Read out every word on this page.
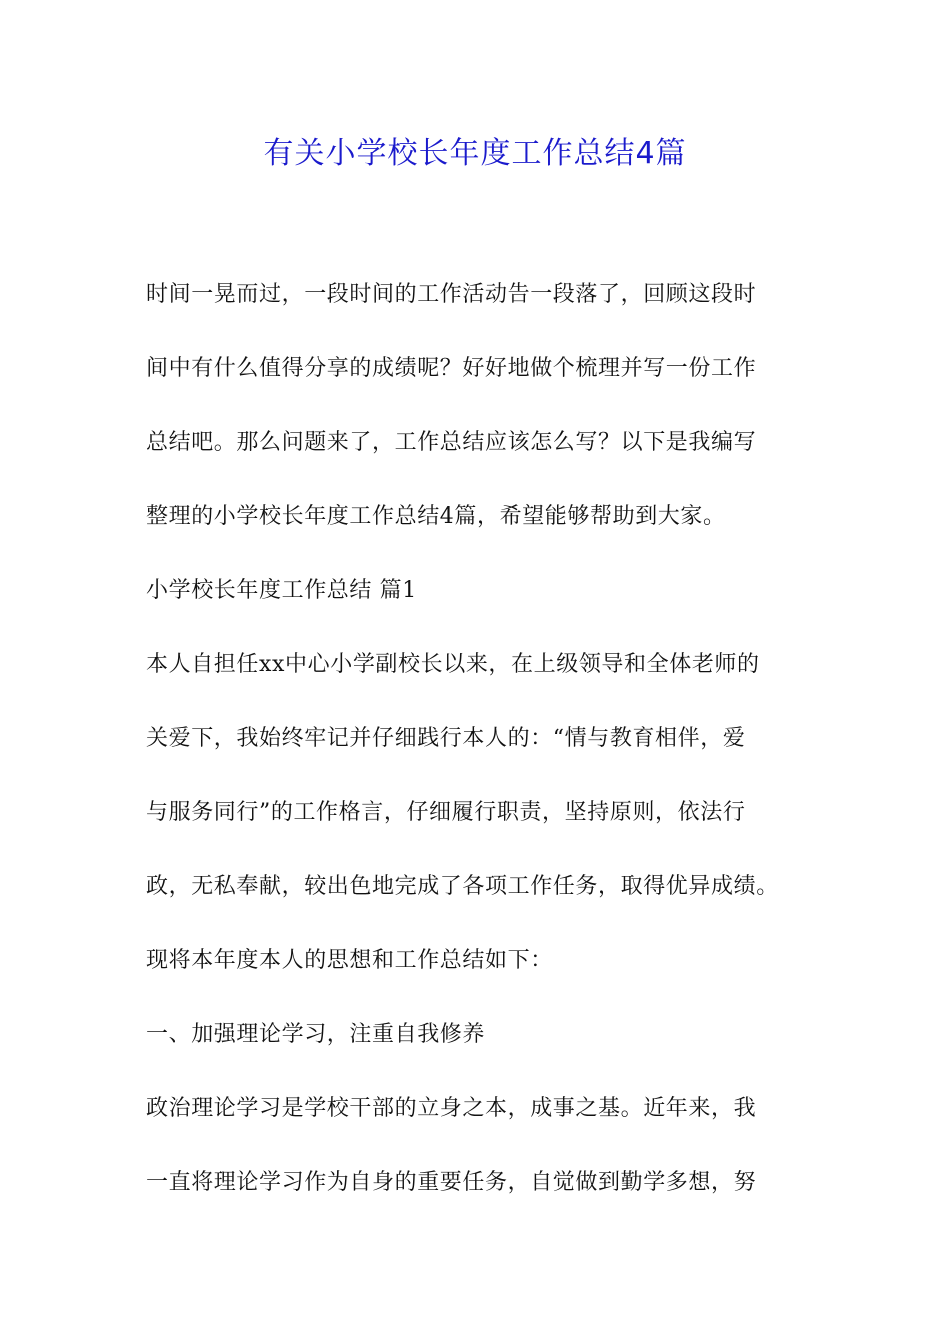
有关小学校长年度工作总结4篇
时间一晃而过，一段时间的工作活动告一段落了，回顾这段时
间中有什么值得分享的成绩呢？好好地做个梳理并写一份工作
总结吧。那么问题来了，工作总结应该怎么写？以下是我编写
整理的小学校长年度工作总结4篇，希望能够帮助到大家。
小学校长年度工作总结 篇1
本人自担任xx中心小学副校长以来，在上级领导和全体老师的
关爱下，我始终牢记并仔细践行本人的：“情与教育相伴，爱
与服务同行”的工作格言，仔细履行职责，坚持原则，依法行
政，无私奉献，较出色地完成了各项工作任务，取得优异成绩。
现将本年度本人的思想和工作总结如下：
一、加强理论学习，注重自我修养
政治理论学习是学校干部的立身之本，成事之基。近年来，我
一直将理论学习作为自身的重要任务，自觉做到勤学多想，努
